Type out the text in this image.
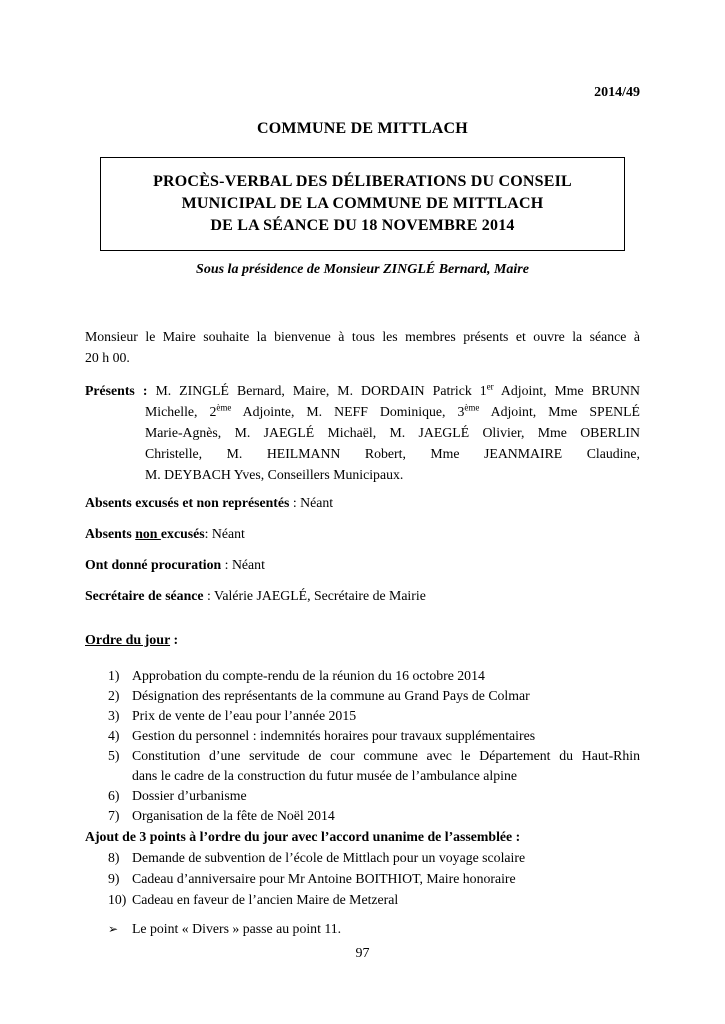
2014/49
COMMUNE DE MITTLACH
PROCÈS-VERBAL DES DÉLIBERATIONS DU CONSEIL
MUNICIPAL DE LA COMMUNE DE MITTLACH
DE LA SÉANCE DU 18 NOVEMBRE 2014
Sous la présidence de Monsieur ZINGLÉ Bernard, Maire
Monsieur le Maire souhaite la bienvenue à tous les membres présents et ouvre la séance à
20 h 00.
Présents : M. ZINGLÉ Bernard, Maire, M. DORDAIN Patrick 1er Adjoint, Mme BRUNN
Michelle, 2ème Adjointe, M. NEFF Dominique, 3ème Adjoint, Mme SPENLÉ
Marie-Agnès, M. JAEGLÉ Michaël, M. JAEGLÉ Olivier, Mme OBERLIN
Christelle, M. HEILMANN Robert, Mme JEANMAIRE Claudine,
M. DEYBACH Yves, Conseillers Municipaux.
Absents excusés et non représentés : Néant
Absents non excusés: Néant
Ont donné procuration : Néant
Secrétaire de séance : Valérie JAEGLÉ, Secrétaire de Mairie
Ordre du jour :
1) Approbation du compte-rendu de la réunion du 16 octobre 2014
2) Désignation des représentants de la commune au Grand Pays de Colmar
3) Prix de vente de l’eau pour l’année 2015
4) Gestion du personnel : indemnités horaires pour travaux supplémentaires
5) Constitution d’une servitude de cour commune avec le Département du Haut-Rhin
dans le cadre de la construction du futur musée de l’ambulance alpine
6) Dossier d’urbanisme
7) Organisation de la fête de Noël 2014
Ajout de 3 points à l’ordre du jour avec l’accord unanime de l’assemblée :
8) Demande de subvention de l’école de Mittlach pour un voyage scolaire
9) Cadeau d’anniversaire pour Mr Antoine BOITHIOT, Maire honoraire
10) Cadeau en faveur de l’ancien Maire de Metzeral
➢ Le point « Divers » passe au point 11.
97
